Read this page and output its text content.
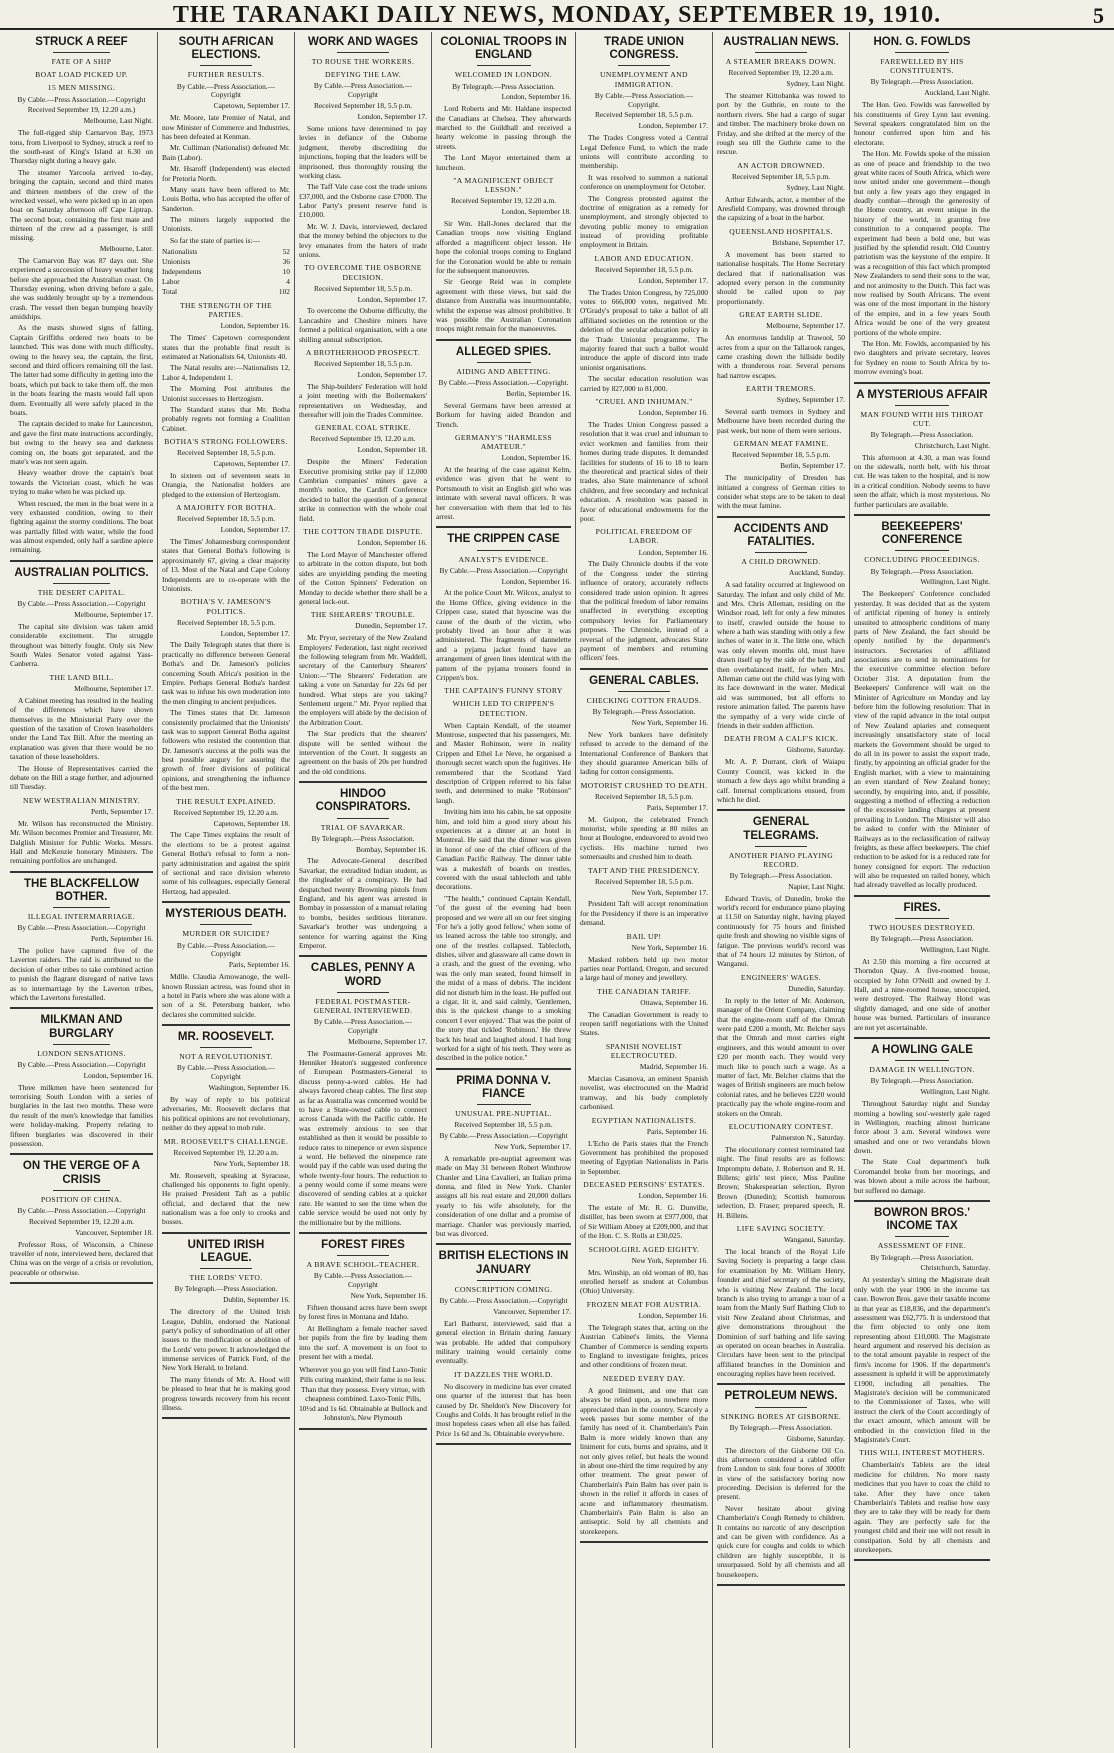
THE TARANAKI DAILY NEWS, MONDAY, SEPTEMBER 19, 1910.	5
STRUCK A REEF
FATE OF A SHIP
BOAT LOAD PICKED UP.
15 MEN MISSING.
By Cable.—Press Association.—Copyright
Received September 19, 12.20 a.m.)
Melbourne, Last Night.
The full-rigged ship Carnarvon Bay, 1973 tons, from Liverpool to Sydney, struck a reef to the south-east of King's Island at 6.30 on Thursday night during a heavy gale.
The steamer Yarcoola arrived to-day, bringing the captain, second and third mates and thirteen members of the crew of the wrecked vessel, who were picked up in an open boat on Saturday afternoon off Cape Liptrap. The second boat, containing the first mate and thirteen of the crew ad a passenger, is still missing.
Melbourne, Later.
The Carnarvon Bay was 87 days out. She experienced a succession of heavy weather long before she approached the Australian coast. On Thursday evening, when driving before a gale, she was suddenly brought up by a tremendous crash. The vessel then began bumping heavily amidships.
As the masts showed signs of falling, Captain Griffiths ordered two boats to be launched. This was done with much difficulty, owing to the heavy sea, the captain, the first, second and third officers remaining till the last. The latter had some difficulty in getting into the boats, which put back to take them off, the men in the boats fearing the masts would fall upon them. Eventually all were safely placed in the boats.
The captain decided to make for Launceston, and gave the first mate instructions accordingly, but owing to the heavy sea and darkness coming on, the boats got separated, and the mate's was not seen again.
Heavy weather drove the captain's boat towards the Victorian coast, which he was trying to make when he was picked up.
When rescued, the men in the boat were in a very exhausted condition, owing to their fighting against the stormy conditions. The boat was partially filled with water, while the food was almost expended, only half a sardine apiece remaining.
AUSTRALIAN POLITICS.
THE DESERT CAPITAL.
By Cable.—Press Association.—Copyright
Melbourne, September 17.
The capital site division was taken amid considerable excitement. The struggle throughout was bitterly fought. Only six New South Wales Senator voted against Yass-Canberra.
THE LAND BILL.
Melbourne, September 17.
A Cabinet meeting has resulted in the healing of the differences which have shown themselves in the Ministerial Party over the question of the taxation of Crown leaseholders under the Land Tax Bill. After the meeting an explanation was given that there would be no taxation of these leaseholders.
The House of Representatives carried the debate on the Bill a stage further, and adjourned till Tuesday.
NEW WESTRALIAN MINISTRY.
Perth, September 17.
Mr. Wilson has reconstructed the Ministry. Mr. Wilson becomes Premier and Treasurer, Mr. Dalglish Minister for Public Works. Messrs. Hall and McKenzie honorary Ministers. The remaining portfolios are unchanged.
THE BLACKFELLOW BOTHER.
ILLEGAL INTERMARRIAGE.
By Cable.—Press Association.—Copyright
Perth, September 16.
The police have captured five of the Laverton raiders. The raid is attributed to the decision of other tribes to take combined action to punish the flagrant disregard of native laws as to intermarriage by the Laverton tribes, which the Lavertons forestalled.
MILKMAN AND BURGLARY
LONDON SENSATIONS.
By Cable.—Press Association.—Copyright
London, September 16.
Three milkmen have been sentenced for terrorising South London with a series of burglaries in the last two months. These were the result of the men's knowledge that families were holiday-making. Property relating to fifteen burglaries was discovered in their possession.
ON THE VERGE OF A CRISIS
POSITION OF CHINA.
By Cable.—Press Association.—Copyright
Received September 19, 12.20 a.m.
Vancouver, September 18.
Professor Ross, of Wisconsin, a Chinese traveller of note, interviewed here, declared that China was on the verge of a crisis or revolution, peaceable or otherwise.
SOUTH AFRICAN ELECTIONS.
FURTHER RESULTS.
By Cable.—Press Association.—Copyright
Capetown, September 17.
Mr. Moore, late Premier of Natal, and now Minister of Commerce and Industries, has been defeated at Kenman.
Mr. Culliman (Nationalist) defeated Mr. Bain (Labor).
Mr. Hsaroff (Independent) was elected for Pretoria North.
Many seats have been offered to Mr. Louis Botha, who has accepted the offer of Sanderton.
The miners largely supported the Unionists.
So far the state of parties is:—
Nationalists	52
Unionists	36
Independents	10
Labor	4
Total	102
THE STRENGTH OF THE PARTIES.
London, September 16.
The Times' Capetown correspondent states that the probable final result is estimated at Nationalists 64, Unionists 40.
The Natal results are:—Nationalists 12, Labor 4, Independent 1.
The Morning Post attributes the Unionist successes to Hertzogism.
The Standard states that Mr. Botha probably regrets not forming a Coalition Cabinet.
BOTHA'S STRONG FOLLOWERS.
Received September 18, 5.5 p.m.
Capetown, September 17.
In sixteen out of seventeen seats in Orangia, the Nationalist holders are pledged to the extension of Hertzogism.
A MAJORITY FOR BOTHA.
Received September 18, 5.5 p.m.
London, September 17.
The Times' Johannesburg correspondent states that General Botha's following is approximately 67, giving a clear majority of 13. Most of the Natal and Cape Colony Independents are to co-operate with the Unionists.
BOTHA'S V. JAMESON'S POLITICS.
Received September 18, 5.5 p.m.
London, September 17.
The Daily Telegraph states that there is practically no difference between General Botha's and Dr. Jameson's policies concerning South Africa's position in the Empire. Perhaps General Botha's hardest task was to infuse his own moderation into the men clinging to ancient prejudices.
The Times states that Dr. Jameson consistently proclaimed that the Unionists' task was to support General Botha against followers who resisted the contention that Dr. Jameson's success at the polls was the best possible augury for assuring the growth of freer divisions of political opinions, and strengthening the influence of the best men.
THE RESULT EXPLAINED.
Received September 19, 12.20 a.m.
Capetown, September 18.
The Cape Times explains the result of the elections to be a protest against General Botha's refusal to form a non-party administration and against the spirit of sectional and race division whereto some of his colleagues, especially General Hertzog, had appealed.
MYSTERIOUS DEATH.
MURDER OR SUICIDE?
By Cable.—Press Association.—Copyright
Paris, September 16.
Mdlle. Claudia Arnowanoge, the well-known Russian actress, was found shot in a hotel in Paris where she was alone with a son of a St. Petersburg banker, who declares she committed suicide.
MR. ROOSEVELT.
NOT A REVOLUTIONIST.
By Cable.—Press Association.—Copyright
Washington, September 16.
By way of reply to his political adversaries, Mr. Roosevelt declares that his political opinions are not revolutionary, neither do they appeal to mob rule.
MR. ROOSEVELT'S CHALLENGE.
Received September 19, 12.20 a.m.
New York, September 18.
Mr. Roosevelt, speaking at Syracuse, challenged his opponents to fight openly. He praised President Taft as a public official, and declared that the new nationalism was a foe only to crooks and bosses.
UNITED IRISH LEAGUE.
THE LORDS' VETO.
By Telegraph.—Press Association.
Dublin, September 16.
The directory of the United Irish League, Dublin, endorsed the National party's policy of subordination of all other issues to the modification or abolition of the Lords' veto power. It acknowledged the immense services of Patrick Ford, of the New York Herald, to Ireland.
The many friends of Mr. A. Hood will be pleased to hear that he is making good progress towards recovery from his recent illness.
WORK AND WAGES
TO ROUSE THE WORKERS.
DEFYING THE LAW.
By Cable.—Press Association.—Copyright
Received September 18, 5.5 p.m.
London, September 17.
Some unions have determined to pay levies in defiance of the Osborne judgment, thereby discrediting the injunctions, hoping that the leaders will be imprisoned, thus thoroughly rousing the working class.
The Taff Vale case cost the trade unions £37,000, and the Osborne case £7000. The Labor Party's present reserve fund is £10,000.
Mr. W. J. Davis, interviewed, declared that the money behind the objectors to the levy emanates from the haters of trade unions.
TO OVERCOME THE OSBORNE DECISION.
Received September 18, 5.5 p.m.
London, September 17.
To overcome the Osborne difficulty, the Lancashire and Cheshire miners have formed a political organisation, with a one shilling annual subscription.
A BROTHERHOOD PROSPECT.
Received September 18, 5.5 p.m.
London, September 17.
The Ship-builders' Federation will hold a joint meeting with the Boilermakers' representatives on Wednesday, and thereafter will join the Trades Committee.
GENERAL COAL STRIKE.
Received September 19, 12.20 a.m.
London, September 18.
Despite the Miners' Federation Executive promising strike pay if 12,000 Cambrian companies' miners gave a month's notice, the Cardiff Conference decided to ballot the question of a general strike in connection with the whole coal field.
THE COTTON TRADE DISPUTE.
London, September 16.
The Lord Mayor of Manchester offered to arbitrate in the cotton dispute, but both sides are unyielding pending the meeting of the Cotton Spinners' Federation on Monday to decide whether there shall be a general lock-out.
THE SHEARERS' TROUBLE.
Dunedin, September 17.
Mr. Pryor, secretary of the New Zealand Employers' Federation, last night received the following telegram from Mr. Waddell, secretary of the Canterbury Shearers' Union:—"The Shearers' Federation are taking a vote on Saturday for 22s 6d per hundred. What steps are you taking? Settlement urgent." Mr. Pryor replied that the employers will abide by the decision of the Arbitration Court.
The Star predicts that the shearers' dispute will be settled without the intervention of the Court. It suggests an agreement on the basis of 20s per hundred and the old conditions.
HINDOO CONSPIRATORS.
TRIAL OF SAVARKAR.
By Telegraph.—Press Association.
Bombay, September 16.
The Advocate-General described Savarkar, the extradited Indian student, as the ringleader of a conspiracy. He had despatched twenty Browning pistols from England, and his agent was arrested in Bombay in possession of a manual relating to bombs, besides seditious literature. Savarkar's brother was undergoing a sentence for warring against the King Emperor.
CABLES, PENNY A WORD
FEDERAL POSTMASTER-GENERAL INTERVIEWED.
By Cable.—Press Association.—Copyright
Melbourne, September 17.
The Postmaster-General approves Mr. Henniker Heaton's suggested conference of European Postmasters-General to discuss penny-a-word cables. He had always favored cheap cables. The first step as far as Australia was concerned would be to have a State-owned cable to connect across Canada with the Pacific cable. He was extremely anxious to see that established as then it would be possible to reduce rates to ninepence or even sixpence a word. He believed the ninepence rate would pay if the cable was used during the whole twenty-four hours. The reduction to a penny would come if some means were discovered of sending cables at a quicker rate. He wanted to see the time when the cable service would be used not only by the millionaire but by the millions.
FOREST FIRES
A BRAVE SCHOOL-TEACHER.
By Cable.—Press Association.—Copyright
New York, September 16.
Fifteen thousand acres have been swept by forest fires in Montana and Idaho.
At Bellingham a female teacher saved her pupils from the fire by leading them into the surf. A movement is on foot to present her with a medal.
Wherever you go you will find Laxo-Tonic Pills curing mankind, their fame is no less. Than that they possess. Every virtue, with cheapness combined. Laxo-Tonic Pills, 10½d and 1s 6d. Obtainable at Bullock and Johnston's, New Plymouth
COLONIAL TROOPS IN ENGLAND
WELCOMED IN LONDON.
By Telegraph.—Press Association.
London, September 16.
Lord Roberts and Mr. Haldane inspected the Canadians at Chelsea. They afterwards marched to the Guildhall and received a hearty welcome in passing through the streets.
The Lord Mayor entertained them at luncheon.
"A MAGNIFICENT OBJECT LESSON."
Received September 19, 12.20 a.m.
London, September 18.
Sir Wm. Hall-Jones declared that the Canadian troops now visiting England afforded a magnificent object lesson. He hope the colonial troops coming to England for the Coronation would be able to remain for the subsequent manoeuvres.
Sir George Reid was in complete agreement with these views, but said the distance from Australia was insurmountable, whilst the expense was almost prohibitive. It was possible the Australian Coronation troops might remain for the manoeuvres.
ALLEGED SPIES.
AIDING AND ABETTING.
By Cable.—Press Association.—Copyright.
Berlin, September 16.
Several Germans have been arrested at Borkum for having aided Brandon and Trench.
GERMANY'S "HARMLESS AMATEUR."
London, September 16.
At the hearing of the case against Kelm, evidence was given that he went to Portsmouth to visit an English girl who was intimate with several naval officers. It was her conversation with them that led to his arrest.
THE CRIPPEN CASE
ANALYST'S EVIDENCE.
By Cable.—Press Association.—Copyright
London, September 16.
At the police Court Mr. Wilcox, analyst to the Home Office, giving evidence in the Crippen case, stated that hyoscine was the cause of the death of the victim, who probably lived an hour after it was administered. The fragments of dannelette and a pyjama jacket found have an arrangement of green lines identical with the pattern of the pyjama trousers found in Crippen's box.
THE CAPTAIN'S FUNNY STORY
WHICH LED TO CRIPPEN'S DETECTION.
When Captain Kendall, of the steamer Montrose, suspected that his passengers, Mr. and Master Robinson, were in reality Crippen and Ethel Le Neve, he organised a thorough secret watch upon the fugitives. He remembered that the Scotland Yard description of Crippen referred to his false teeth, and determined to make "Robinson" laugh.
Inviting him into his cabin, he sat opposite him, and told him a good story about his experiences at a dinner at an hotel in Montreal. He said that the dinner was given in honor of one of the chief officers of the Canadian Pacific Railway. The dinner table was a makeshift of boards on trestles, covered with the usual tablecloth and table decorations.
"The health," continued Captain Kendall, "of the guest of the evening had been proposed and we were all on our feet singing 'For he's a jolly good fellow,' when some of us leaned across the table too strongly, and one of the trestles collapsed. Tablecloth, dishes, silver and glassware all came down in a crash, and the guest of the evening, who was the only man seated, found himself in the midst of a mass of debris. The incident did not disturb him in the least. He puffed out a cigar, lit it, and said calmly, 'Gentlemen, this is the quickest change to a smoking concert I ever enjoyed.' That was the point of the story that tickled 'Robinson.' He threw back his head and laughed aloud. I had long worked for a sight of his teeth. They were as described in the police notice."
PRIMA DONNA V. FIANCE
UNUSUAL PRE-NUPTIAL.
Received September 18, 5.5 p.m.
By Cable.—Press Association.—Copyright
New York, September 17.
A remarkable pre-nuptial agreement was made on May 31 between Robert Winthrow Chanler and Lina Cavalieri, an Italian prima donna, and filed in New York. Chanler assigns all his real estate and 20,000 dollars yearly to his wife absolutely, for the consideration of one dollar and a promise of marriage. Chanler was previously married, but was divorced.
BRITISH ELECTIONS IN JANUARY
CONSCRIPTION COMING.
By Cable.—Press Association.—Copyright
Vancouver, September 17.
Earl Bathurst, interviewed, said that a general election in Britain during January was probable. He added that compulsory military training would certainly come eventually.
IT DAZZLES THE WORLD.
No discovery in medicine has ever created one quarter of the interest that has been caused by Dr. Sheldon's New Discovery for Coughs and Colds. It has brought relief in the most hopeless cases when all else has failed. Price 1s 6d and 3s. Obtainable everywhere.
TRADE UNION CONGRESS.
UNEMPLOYMENT AND IMMIGRATION.
By Cable.—Press Association.—Copyright.
Received September 18, 5.5 p.m.
London, September 17.
The Trades Congress voted a Central Legal Defence Fund, to which the trade unions will contribute according to membership.
It was resolved to summon a national conference on unemployment for October.
The Congress protested against the doctrine of emigration as a remedy for unemployment, and strongly objected to devoting public money to emigration instead of providing profitable employment in Britain.
LABOR AND EDUCATION.
Received September 18, 5.5 p.m.
London, September 17.
The Trades Union Congress, by 725,000 votes to 666,000 votes, negatived Mr. O'Grady's proposal to take a ballot of all affiliated societies on the retention or the deletion of the secular education policy in the Trade Unionist programme. The majority feared that such a ballot would introduce the apple of discord into trade unionist organisations.
The secular education resolution was carried by 827,000 to 81,000.
"CRUEL AND INHUMAN."
London, September 16.
The Trades Union Congress passed a resolution that it was cruel and inhuman to evict workmen and families from their homes during trade disputes. It demanded facilities for students of 16 to 18 to learn the theoretical and practical sides of their trades, also State maintenance of school children, and free secondary and technical education. A resolution was passed in favor of educational endowments for the poor.
POLITICAL FREEDOM OF LABOR.
London, September 16.
The Daily Chronicle doubts if the vote of the Congress under the stirring influence of oratory, accurately reflects considered trade union opinion. It agrees that the political freedom of labor remains unaffected in everything excepting compulsory levies for Parliamentary purposes. The Chronicle, instead of a reversal of the judgment, advocates State payment of members and returning officers' fees.
GENERAL CABLES.
CHECKING COTTON FRAUDS.
By Telegraph.—Press Association.
New York, September 16.
New York bankers have definitely refused to accede to the demand of the International Conference of Bankers that they should guarantee American bills of lading for cotton consignments.
MOTORIST CRUSHED TO DEATH.
Received September 18, 5.5 p.m.
Paris, September 17.
M. Guipon, the celebrated French motorist, while speeding at 80 miles an hour at Boulogne, endeavored to avoid two cyclists. His machine turned two somersaults and crushed him to death.
TAFT AND THE PRESIDENCY.
Received September 18, 5.5 p.m.
New York, September 17.
President Taft will accept renomination for the Presidency if there is an imperative demand.
BAIL UP!
New York, September 16.
Masked robbers held up two motor parties near Portland, Oregon, and secured a large haul of money and jewellery.
THE CANADIAN TARIFF.
Ottawa, September 16.
The Canadian Government is ready to reopen tariff negotiations with the United States.
SPANISH NOVELIST ELECTROCUTED.
Madrid, September 16.
Marcias Casanova, an eminent Spanish novelist, was electrocuted on the Madrid tramway, and his body completely carbonised.
EGYPTIAN NATIONALISTS.
Paris, September 16.
L'Echo de Paris states that the French Government has prohibited the proposed meeting of Egyptian Nationalists in Paris in September.
DECEASED PERSONS' ESTATES.
London, September 16.
The estate of Mr. R. G. Dunville, distiller, has been sworn at £977,000, that of Sir William Abney at £209,000, and that of the Hon. C. S. Rolls at £30,025.
SCHOOLGIRL AGED EIGHTY.
New York, September 16.
Mrs. Winship, an old woman of 80, has enrolled herself as student at Columbus (Ohio) University.
FROZEN MEAT FOR AUSTRIA.
London, September 16.
The Telegraph states that, acting on the Austrian Cabinet's limits, the Vienna Chamber of Commerce is sending experts to England to investigate freights, prices and other conditions of frozen meat.
NEEDED EVERY DAY.
A good liniment, and one that can always be relied upon, as nowhere more appreciated than in the country. Scarcely a week passes but some member of the family has need of it. Chamberlain's Pain Balm is more widely known than any liniment for cuts, burns and sprains, and it not only gives relief, but heals the wound in about one-third the time required by any other treatment. The great power of Chamberlain's Pain Balm has over pain is shown in the relief it affords in cases of acute and inflammatory rheumatism. Chamberlain's Pain Balm is also an antiseptic. Sold by all chemists and storekeepers.
AUSTRALIAN NEWS.
A STEAMER BREAKS DOWN.
Received September 19, 12.20 a.m.
Sydney, Last Night.
The steamer Kittobanka was towed to port by the Guthrie, en route to the northern rivers. She had a cargo of sugar and timber. The machinery broke down on Friday, and she drifted at the mercy of the rough sea till the Guthrie came to the rescue.
AN ACTOR DROWNED.
Received September 18, 5.5 p.m.
Sydney, Last Night.
Arthur Edwards, actor, a member of the Aresfield Company, was drowned through the capsizing of a boat in the harbor.
QUEENSLAND HOSPITALS.
Brisbane, September 17.
A movement has been started to nationalise hospitals. The Home Secretary declared that if nationalisation was adopted every person in the community should be called upon to pay proportionately.
GREAT EARTH SLIDE.
Melbourne, September 17.
An enormous landslip at Trawool, 50 acres from a spur on the Tallarook ranges, came crashing down the hillside bodily with a thunderous roar. Several persons had narrow escapes.
EARTH TREMORS.
Sydney, September 17.
Several earth tremors in Sydney and Melbourne have been recorded during the past week, but none of them were serious.
GERMAN MEAT FAMINE.
Received September 18, 5.5 p.m.
Berlin, September 17.
The municipality of Dresden has initiated a congress of German cities to consider what steps are to be taken to deal with the meat famine.
ACCIDENTS AND FATALITIES.
A CHILD DROWNED.
Auckland, Sunday.
A sad fatality occurred at Inglewood on Saturday. The infant and only child of Mr. and Mrs. Chris Alleman, residing on the Windsor road, left for only a few minutes to itself, crawled outside the house to where a bath was standing with only a few inches of water in it. The little one, which was only eleven months old, must have drawn itself up by the side of the bath, and then overbalanced itself, for when Mrs. Alleman came out the child was lying with its face downward in the water. Medical aid was summoned, but all efforts to restore animation failed. The parents have the sympathy of a very wide circle of friends in their sudden affliction.
DEATH FROM A CALF'S KICK.
Gisborne, Saturday.
Mr. A. P. Durrant, clerk of Waiapu County Council, was kicked in the stomach a few days ago whilst branding a calf. Internal complications ensued, from which he died.
GENERAL TELEGRAMS.
ANOTHER PIANO PLAYING RECORD.
By Telegraph.—Press Association.
Napier, Last Night.
Edward Travis, of Dunedin, broke the world's record for endurance piano playing at 11.50 on Saturday night, having played continuously for 75 hours and finished quite fresh and showing no visible signs of fatigue. The previous world's record was that of 74 hours 12 minutes by Stirton, of Wanganui.
ENGINEERS' WAGES.
Dunedin, Saturday.
In reply to the letter of Mr. Anderson, manager of the Orient Company, claiming that the engine-room staff of the Omrah were paid £200 a month, Mr. Belcher says that the Omrah and most carries eight engineers, and this would amount to over £20 per month each. They would very much like to pouch such a wage. As a matter of fact, Mr. Belcher claims that the wages of British engineers are much below colonial rates, and he believes £220 would practically pay the whole engine-room and stokers on the Omrah.
ELOCUTIONARY CONTEST.
Palmerston N., Saturday.
The elocutionary contest terminated last night. The final results are as follows: Impromptu debate, J. Robertson and R. H. Billens; girls' test piece, Miss Pauline Brown; Shakespearian selection, Byron Brown (Dunedin); Scottish humorous selection, D. Fraser; prepared speech, R. H. Billens.
LIFE SAVING SOCIETY.
Wanganui, Saturday.
The local branch of the Royal Life Saving Society is preparing a large class for examination by Mr. William Henry, founder and chief secretary of the society, who is visiting New Zealand. The local branch is also trying to arrange a tour of a team from the Manly Surf Bathing Club to visit New Zealand about Christmas, and give demonstrations throughout the Dominion of surf bathing and life saving as operated on ocean beaches in Australia. Circulars have been sent to the principal affiliated branches in the Dominion and encouraging replies have been received.
PETROLEUM NEWS.
SINKING BORES AT GISBORNE.
By Telegraph.—Press Association.
Gisborne, Saturday.
The directors of the Gisborne Oil Co. this afternoon considered a cabled offer from London to sink four bores of 3000ft in view of the satisfactory boring now proceeding. Decision is deferred for the present.
Never hesitate about giving Chamberlain's Cough Remedy to children. It contains no narcotic of any description and can be given with confidence. As a quick cure for coughs and colds to which children are highly susceptible, it is unsurpassed. Sold by all chemists and all housekeepers.
HON. G. FOWLDS
FAREWELLED BY HIS CONSTITUENTS.
By Telegraph.—Press Association.
Auckland, Last Night.
The Hon. Geo. Fowlds was farewelled by his constituents of Grey Lynn last evening. Several speakers congratulated him on the honour conferred upon him and his electorate.
The Hon. Mr. Fowlds spoke of the mission as one of peace and friendship to the two great white races of South Africa, which were now united under one government—though but only a few years ago they engaged in deadly combat—through the generosity of the Home country, an event unique in the history of the world, in granting free constitution to a conquered people. The experiment had been a bold one, but was justified by the splendid result. Old Country patriotism was the keystone of the empire. It was a recognition of this fact which prompted New Zealanders to send their sons to the war, and not animosity to the Dutch. This fact was now realised by South Africans. The event was one of the most important in the history of the empire, and in a few years South Africa would be one of the very greatest portions of the whole empire.
The Hon. Mr. Fowlds, accompanied by his two daughters and private secretary, leaves for Sydney en route to South Africa by to-morrow evening's boat.
A MYSTERIOUS AFFAIR
MAN FOUND WITH HIS THROAT CUT.
By Telegraph.—Press Association.
Christchurch, Last Night.
This afternoon at 4.30, a man was found on the sidewalk, north belt, with his throat cut. He was taken to the hospital, and is now in a critical condition. Nobody seems to have seen the affair, which is most mysterious. No further particulars are available.
BEEKEEPERS' CONFERENCE
CONCLUDING PROCEEDINGS.
By Telegraph.—Press Association.
Wellington, Last Night.
The Beekeepers' Conference concluded yesterday. It was decided that as the system of artificial ripening of honey is entirely unsuited to atmospheric conditions of many parts of New Zealand, the fact should be openly notified by the department's instructors. Secretaries of affiliated associations are to send in nominations for the executive committee election before October 31st. A deputation from the Beekeepers' Conference will wait on the Minister of Agriculture on Monday and lay before him the following resolution: That in view of the rapid advance in the total output of New Zealand apiaries and consequent increasingly unsatisfactory state of local markets the Government should be urged to do all in its power to assist the export trade, firstly, by appointing an official grader for the English market, with a view to maintaining an even standard of New Zealand honey; secondly, by enquiring into, and, if possible, suggesting a method of effecting a reduction of the excessive landing charges at present prevailing in London. The Minister will also be asked to confer with the Minister of Railways as to the reclassification of railway freights, as these affect beekeepers. The chief reduction to be asked for is a reduced rate for honey consigned for export. The reduction will also be requested on railed honey, which had already travelled as locally produced.
FIRES.
TWO HOUSES DESTROYED.
By Telegraph.—Press Association.
Wellington, Last Night.
At 2.50 this morning a fire occurred at Thorndon Quay. A five-roomed house, occupied by John O'Neill and owned by J. Hall, and a nine-roomed house, unoccupied, were destroyed. The Railway Hotel was slightly damaged, and one side of another house was burned. Particulars of insurance are not yet ascertainable.
A HOWLING GALE
DAMAGE IN WELLINGTON.
By Telegraph.—Press Association.
Wellington, Last Night.
Throughout Saturday night and Sunday morning a howling sou'-westerly gale raged in Wellington, reaching almost hurricane force about 3 a.m. Several windows were smashed and one or two verandahs blown down.
The State Coal department's hulk Coromandel broke from her moorings, and was blown about a mile across the harbour, but suffered no damage.
BOWRON BROS.' INCOME TAX
ASSESSMENT OF FINE.
By Telegraph.—Press Association.
Christchurch, Saturday.
At yesterday's sitting the Magistrate dealt only with the year 1906 in the income tax case. Bowron Bros. gave their taxable income in that year as £18,836, and the department's assessment was £62,775. It is understood that the firm objected to only one item representing about £10,000. The Magistrate heard argument and reserved his decision as to the total amount payable in respect of the firm's income for 1906. If the department's assessment is upheld it will be approximately £1900, including all penalties. The Magistrate's decision will be communicated to the Commissioner of Taxes, who will instruct the clerk of the Court accordingly of the exact amount, which amount will be embodied in the conviction filed in the Magistrate's Court.
THIS WILL INTEREST MOTHERS.
Chamberlain's Tablets are the ideal medicine for children. No more nasty medicines that you have to coax the child to take. After they have once taken Chamberlain's Tablets and realise how easy they are to take they will be ready for them again. They are perfectly safe for the youngest child and their use will not result in constipation. Sold by all chemists and storekeepers.
